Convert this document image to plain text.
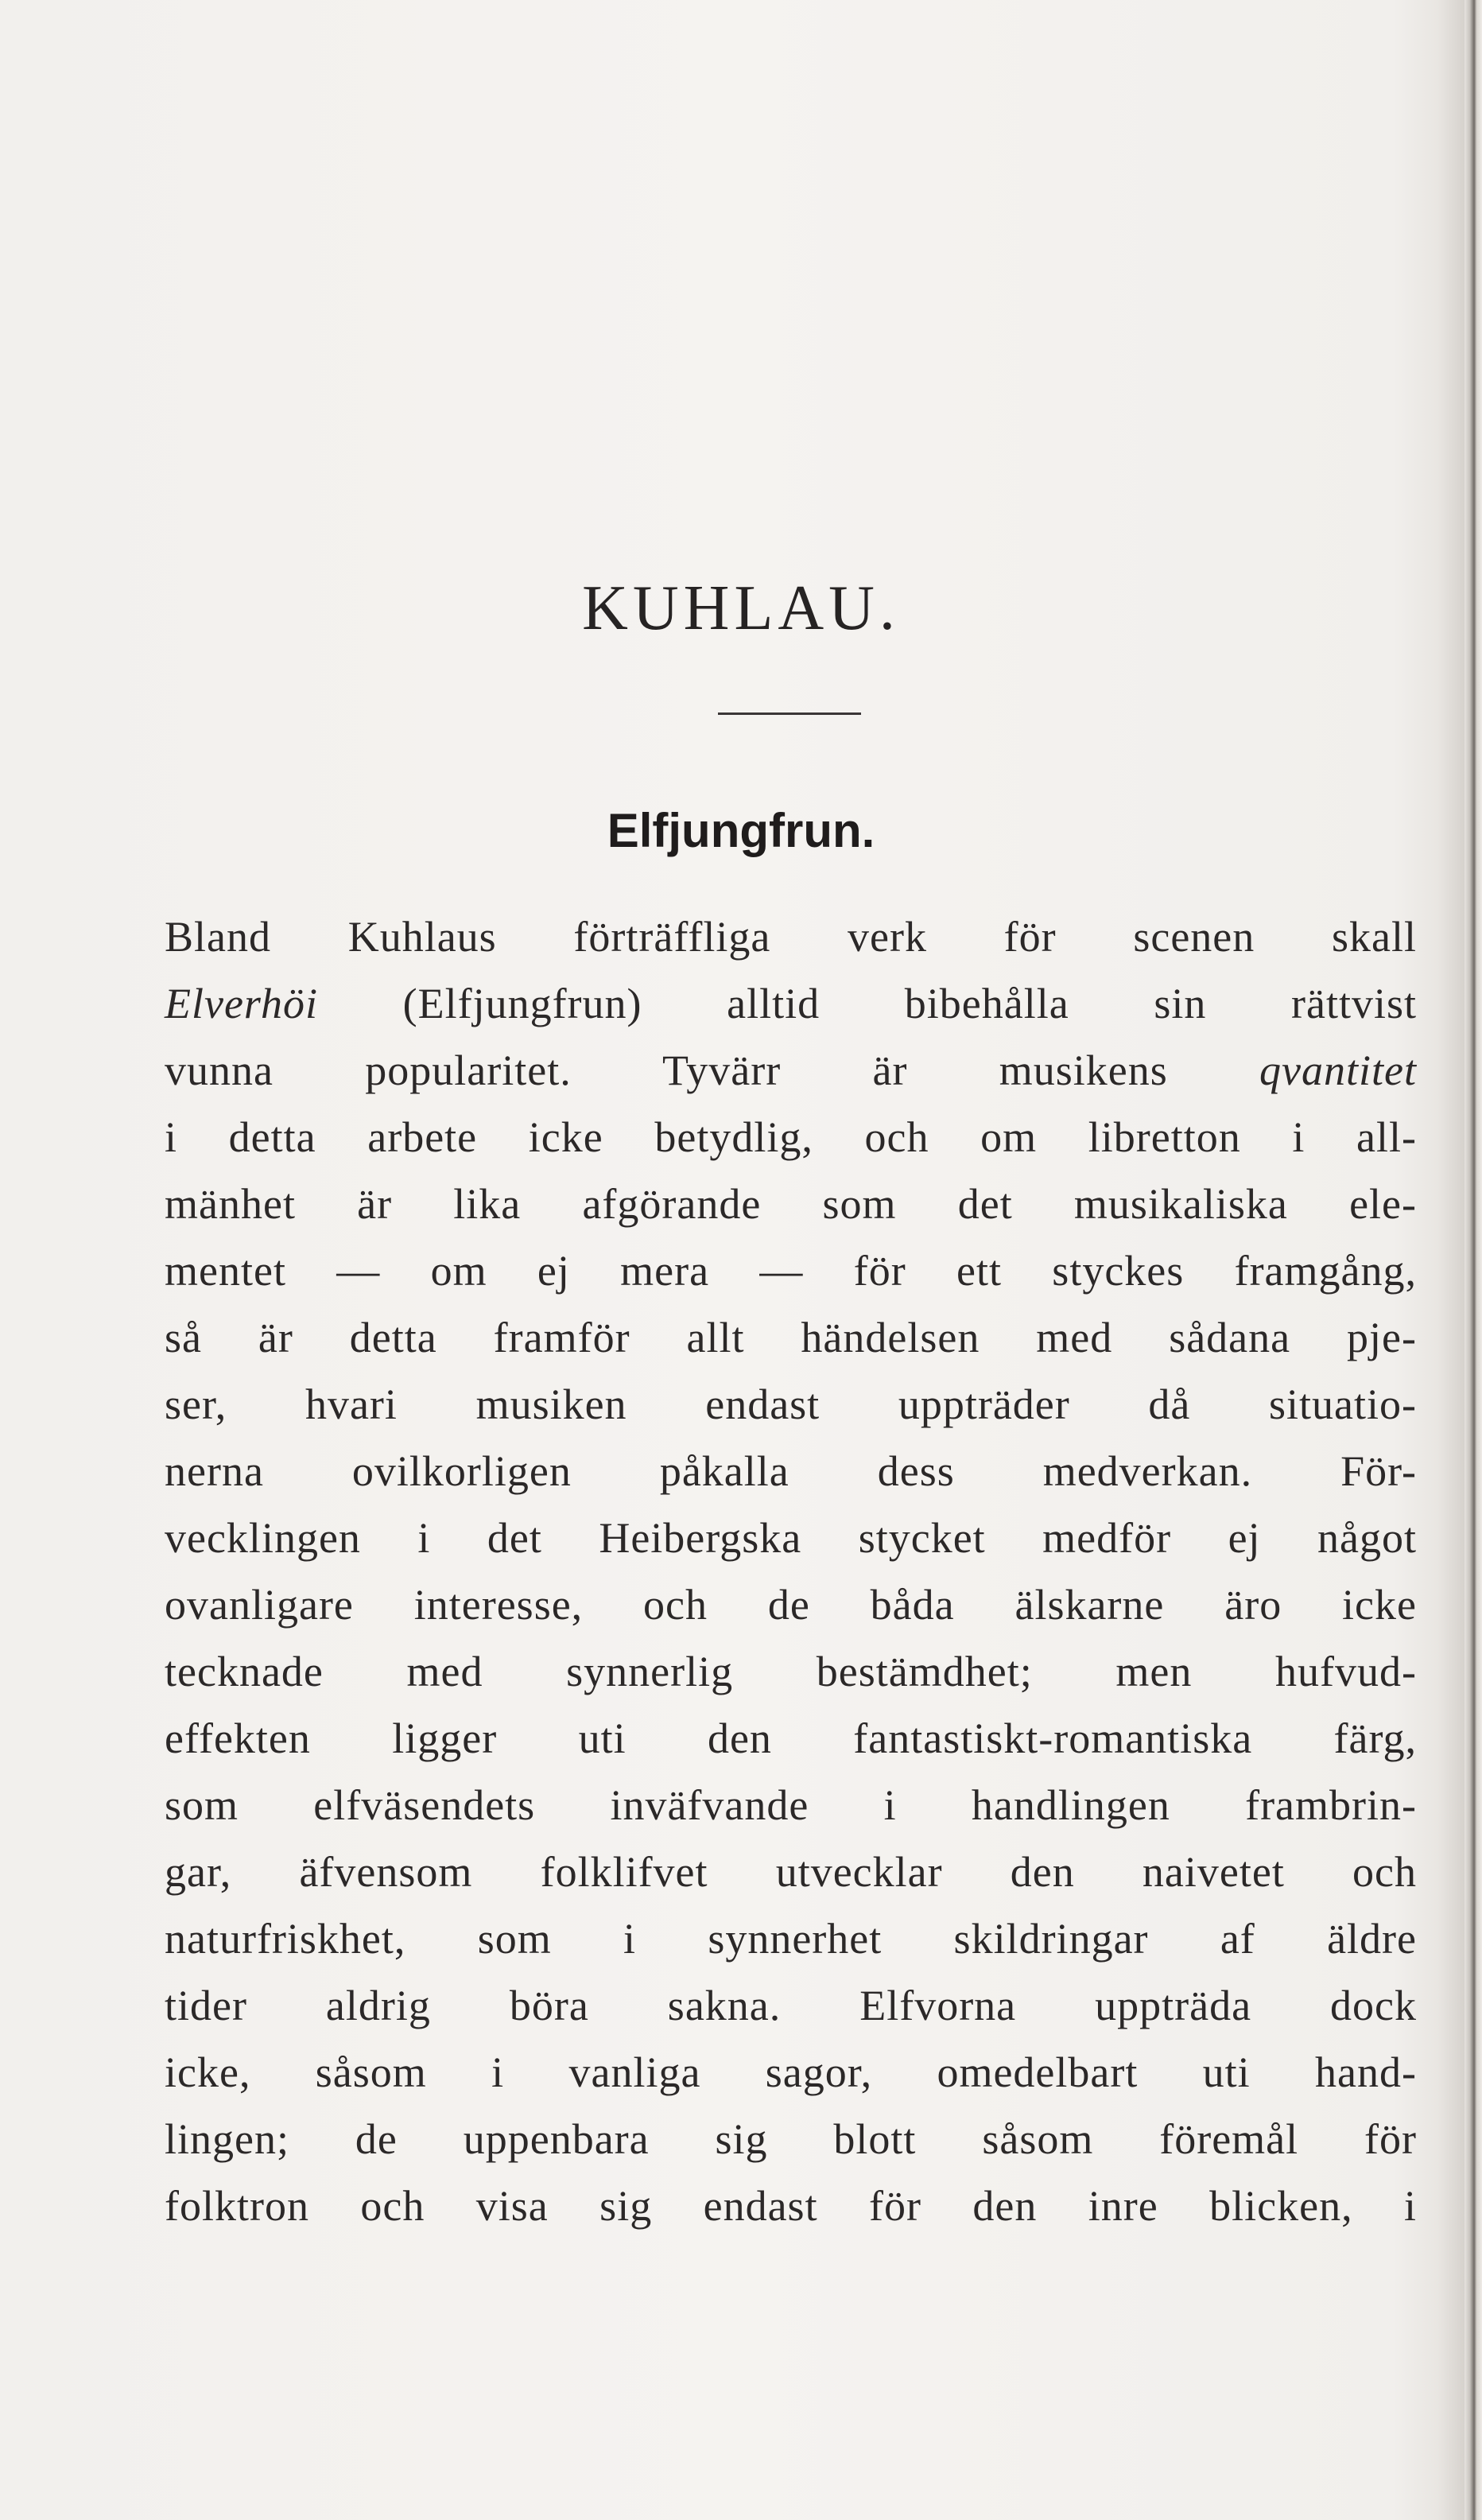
KUHLAU.
Elfjungfrun.
Bland Kuhlaus förträffliga verk för scenen skall
Elverhöi (Elfjungfrun) alltid bibehålla sin rättvist
vunna popularitet. Tyvärr är musikens qvantitet
i detta arbete icke betydlig, och om libretton i all-
mänhet är lika afgörande som det musikaliska ele-
mentet — om ej mera — för ett styckes framgång,
så är detta framför allt händelsen med sådana pje-
ser, hvari musiken endast uppträder då situatio-
nerna ovilkorligen påkalla dess medverkan. För-
vecklingen i det Heibergska stycket medför ej något
ovanligare interesse, och de båda älskarne äro icke
tecknade med synnerlig bestämdhet; men hufvud-
effekten ligger uti den fantastiskt-romantiska färg,
som elfväsendets inväfvande i handlingen frambrin-
gar, äfvensom folklifvet utvecklar den naivetet och
naturfriskhet, som i synnerhet skildringar af äldre
tider aldrig böra sakna. Elfvorna uppträda dock
icke, såsom i vanliga sagor, omedelbart uti hand-
lingen; de uppenbara sig blott såsom föremål för
folktron och visa sig endast för den inre blicken, i
